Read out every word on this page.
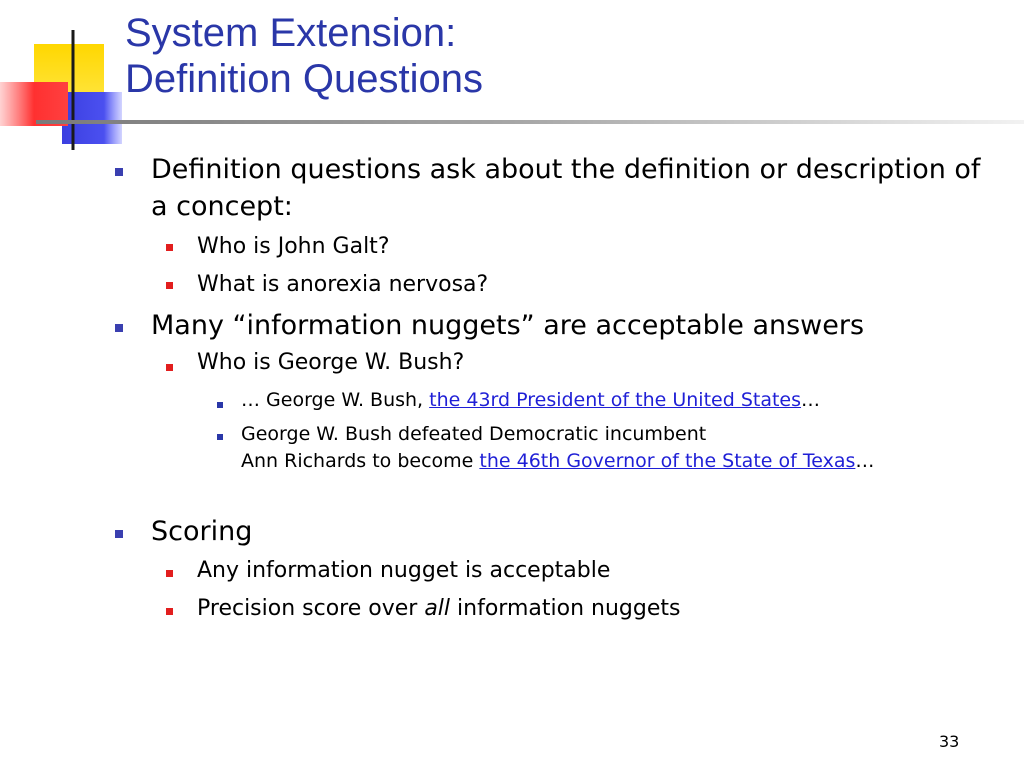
System Extension:
Definition Questions

Definition questions ask about the definition or description of a concept:

Who is John Galt?

What is anorexia nervosa?

Many “information nuggets” are acceptable answers

Who is George W. Bush?

… George W. Bush, the 43rd President of the United States…

George W. Bush defeated Democratic incumbent
Ann Richards to become the 46th Governor of the State of Texas…

Scoring

Any information nugget is acceptable

Precision score over all information nuggets

33
